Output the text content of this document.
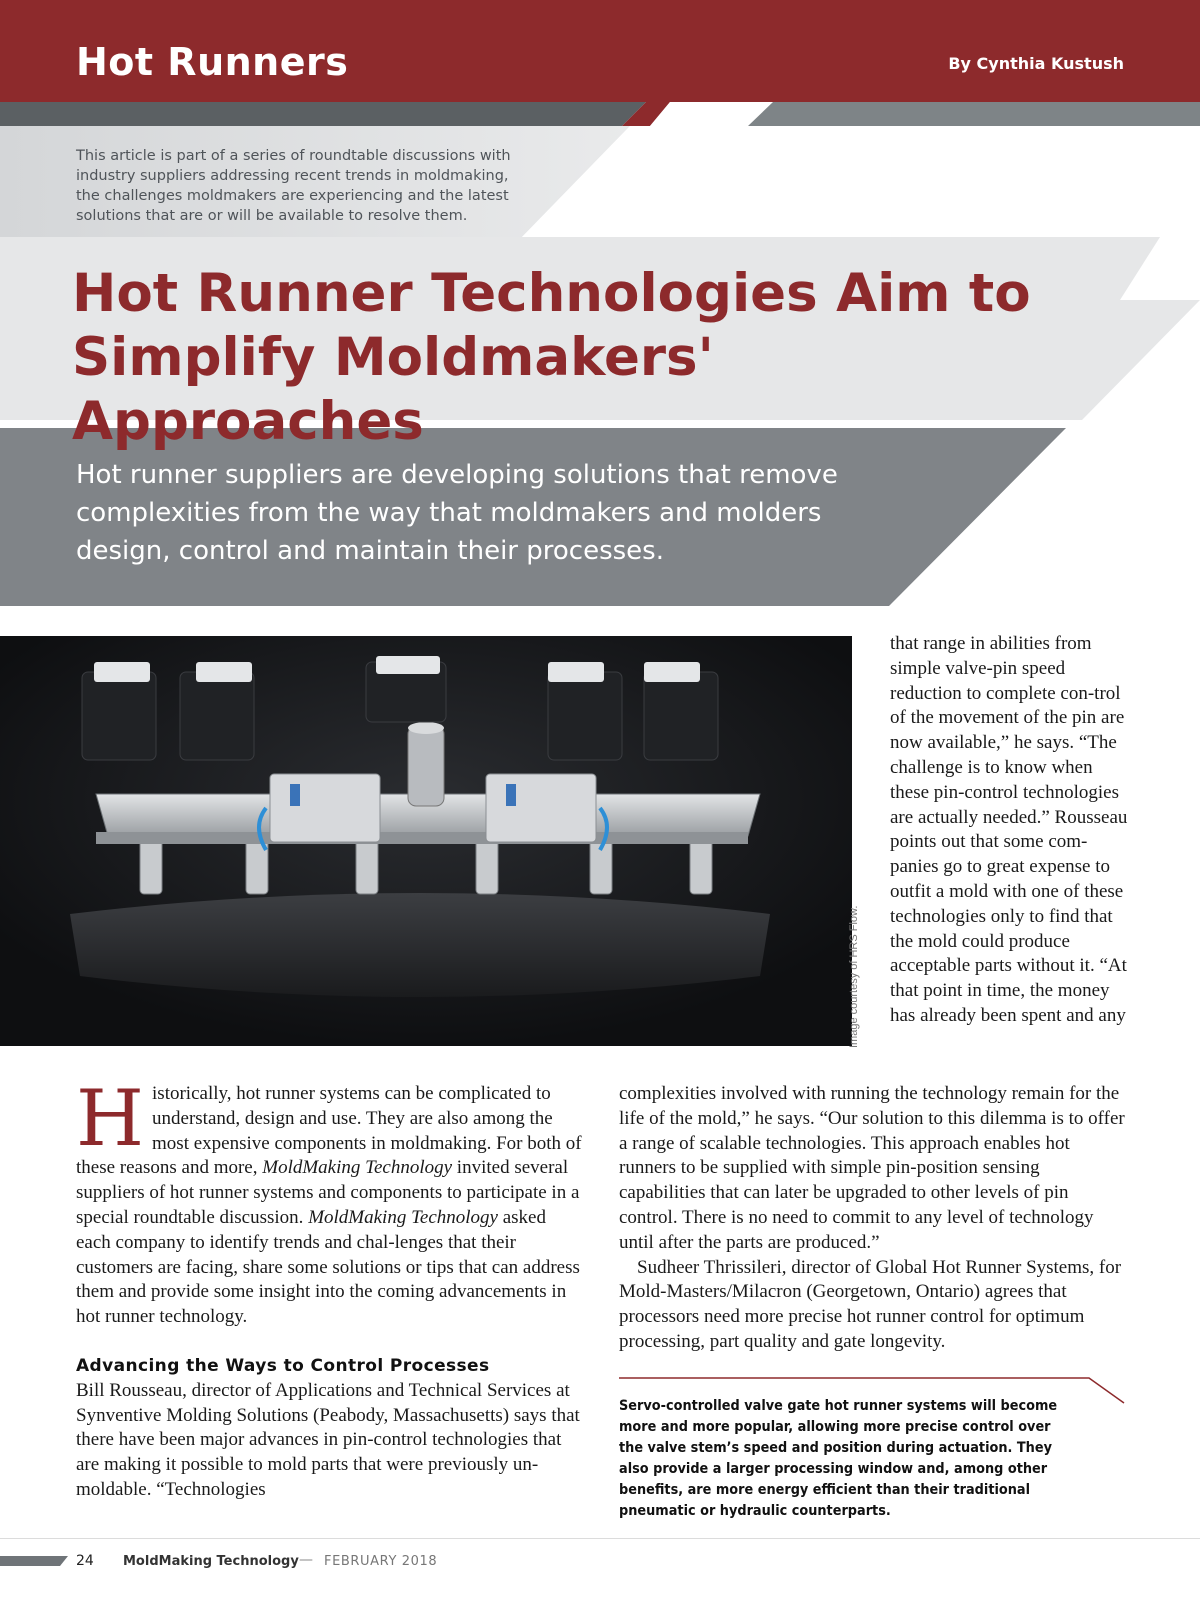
Hot Runners	By Cynthia Kustush

This article is part of a series of roundtable discussions with industry suppliers addressing recent trends in moldmaking, the challenges moldmakers are experiencing and the latest solutions that are or will be available to resolve them.

Hot Runner Technologies Aim to Simplify Moldmakers' Approaches

Hot runner suppliers are developing solutions that remove complexities from the way that moldmakers and molders design, control and maintain their processes.

Image courtesy of HRS Flow.

that range in abilities from simple valve-pin speed reduction to complete con-trol of the movement of the pin are now available,” he says. “The challenge is to know when these pin-control technologies are actually needed.” Rousseau points out that some com-panies go to great expense to outfit a mold with one of these technologies only to find that the mold could produce acceptable parts without it. “At that point in time, the money has already been spent and any

Historically, hot runner systems can be complicated to understand, design and use. They are also among the most expensive components in moldmaking. For both of these reasons and more, MoldMaking Technology invited several suppliers of hot runner systems and components to participate in a special roundtable discussion. MoldMaking Technology asked each company to identify trends and chal-lenges that their customers are facing, share some solutions or tips that can address them and provide some insight into the coming advancements in hot runner technology.

Advancing the Ways to Control Processes

Bill Rousseau, director of Applications and Technical Services at Synventive Molding Solutions (Peabody, Massachusetts) says that there have been major advances in pin-control technologies that are making it possible to mold parts that were previously un-moldable. “Technologies

complexities involved with running the technology remain for the life of the mold,” he says. “Our solution to this dilemma is to offer a range of scalable technologies. This approach enables hot runners to be supplied with simple pin-position sensing capabilities that can later be upgraded to other levels of pin control. There is no need to commit to any level of technology until after the parts are produced.”

Sudheer Thrissileri, director of Global Hot Runner Systems, for Mold-Masters/Milacron (Georgetown, Ontario) agrees that processors need more precise hot runner control for optimum processing, part quality and gate longevity.

Servo-controlled valve gate hot runner systems will become more and more popular, allowing more precise control over the valve stem’s speed and position during actuation. They also provide a larger processing window and, among other benefits, are more energy efficient than their traditional pneumatic or hydraulic counterparts.

24 MoldMaking Technology — FEBRUARY 2018
